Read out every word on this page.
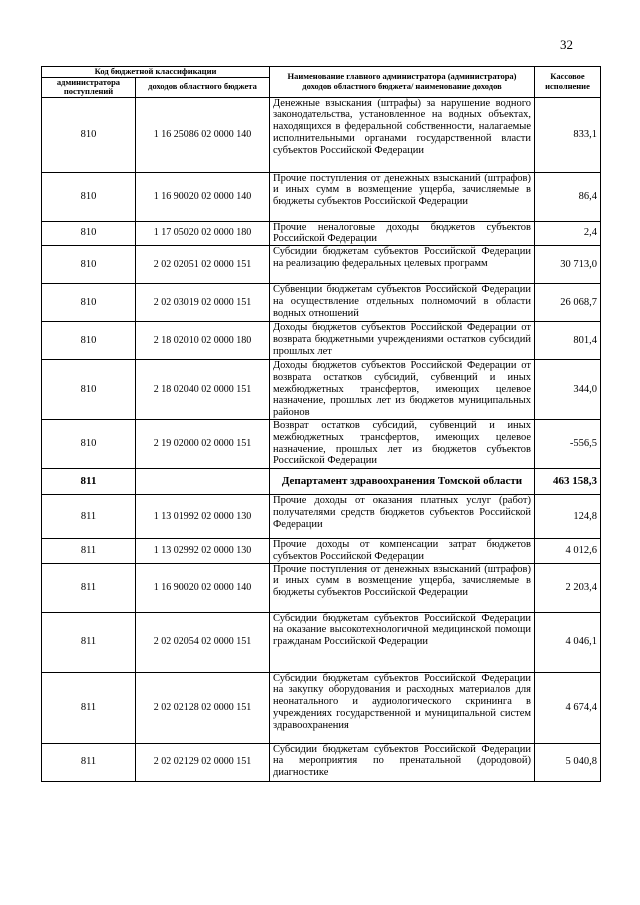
32
Код бюджетной классификации		Наименование главного администратора (администратора) доходов областного бюджета/ наименование доходов	Кассовое исполнение
администратора поступлений	доходов областного бюджета		
810	1 16 25086 02 0000 140	Денежные взыскания (штрафы) за нарушение водного законодательства, установленное на водных объектах, находящихся в федеральной собственности, налагаемые исполнительными органами государственной власти субъектов Российской Федерации	833,1
810	1 16 90020 02 0000 140	Прочие поступления от денежных взысканий (штрафов) и иных сумм в возмещение ущерба, зачисляемые в бюджеты субъектов Российской Федерации	86,4
810	1 17 05020 02 0000 180	Прочие неналоговые доходы бюджетов субъектов Российской Федерации	2,4
810	2 02 02051 02 0000 151	Субсидии бюджетам субъектов Российской Федерации на реализацию федеральных целевых программ	30 713,0
810	2 02 03019 02 0000 151	Субвенции бюджетам субъектов Российской Федерации на осуществление отдельных полномочий в области водных отношений	26 068,7
810	2 18 02010 02 0000 180	Доходы бюджетов субъектов Российской Федерации от возврата бюджетными учреждениями остатков субсидий прошлых лет	801,4
810	2 18 02040 02 0000 151	Доходы бюджетов субъектов Российской Федерации от возврата остатков субсидий, субвенций и иных межбюджетных трансфертов, имеющих целевое назначение, прошлых лет из бюджетов муниципальных районов	344,0
810	2 19 02000 02 0000 151	Возврат остатков субсидий, субвенций и иных межбюджетных трансфертов, имеющих целевое назначение, прошлых лет из бюджетов субъектов Российской Федерации	-556,5
811		Департамент здравоохранения Томской области	463 158,3
811	1 13 01992 02 0000 130	Прочие доходы от оказания платных услуг (работ) получателями средств бюджетов субъектов Российской Федерации	124,8
811	1 13 02992 02 0000 130	Прочие доходы от компенсации затрат бюджетов субъектов Российской Федерации	4 012,6
811	1 16 90020 02 0000 140	Прочие поступления от денежных взысканий (штрафов) и иных сумм в возмещение ущерба, зачисляемые в бюджеты субъектов Российской Федерации	2 203,4
811	2 02 02054 02 0000 151	Субсидии бюджетам субъектов Российской Федерации на оказание высокотехнологичной медицинской помощи гражданам Российской Федерации	4 046,1
811	2 02 02128 02 0000 151	Субсидии бюджетам субъектов Российской Федерации на закупку оборудования и расходных материалов для неонатального и аудиологического скрининга в учреждениях государственной и муниципальной систем здравоохранения	4 674,4
811	2 02 02129 02 0000 151	Субсидии бюджетам субъектов Российской Федерации на мероприятия по пренатальной (дородовой) диагностике	5 040,8
